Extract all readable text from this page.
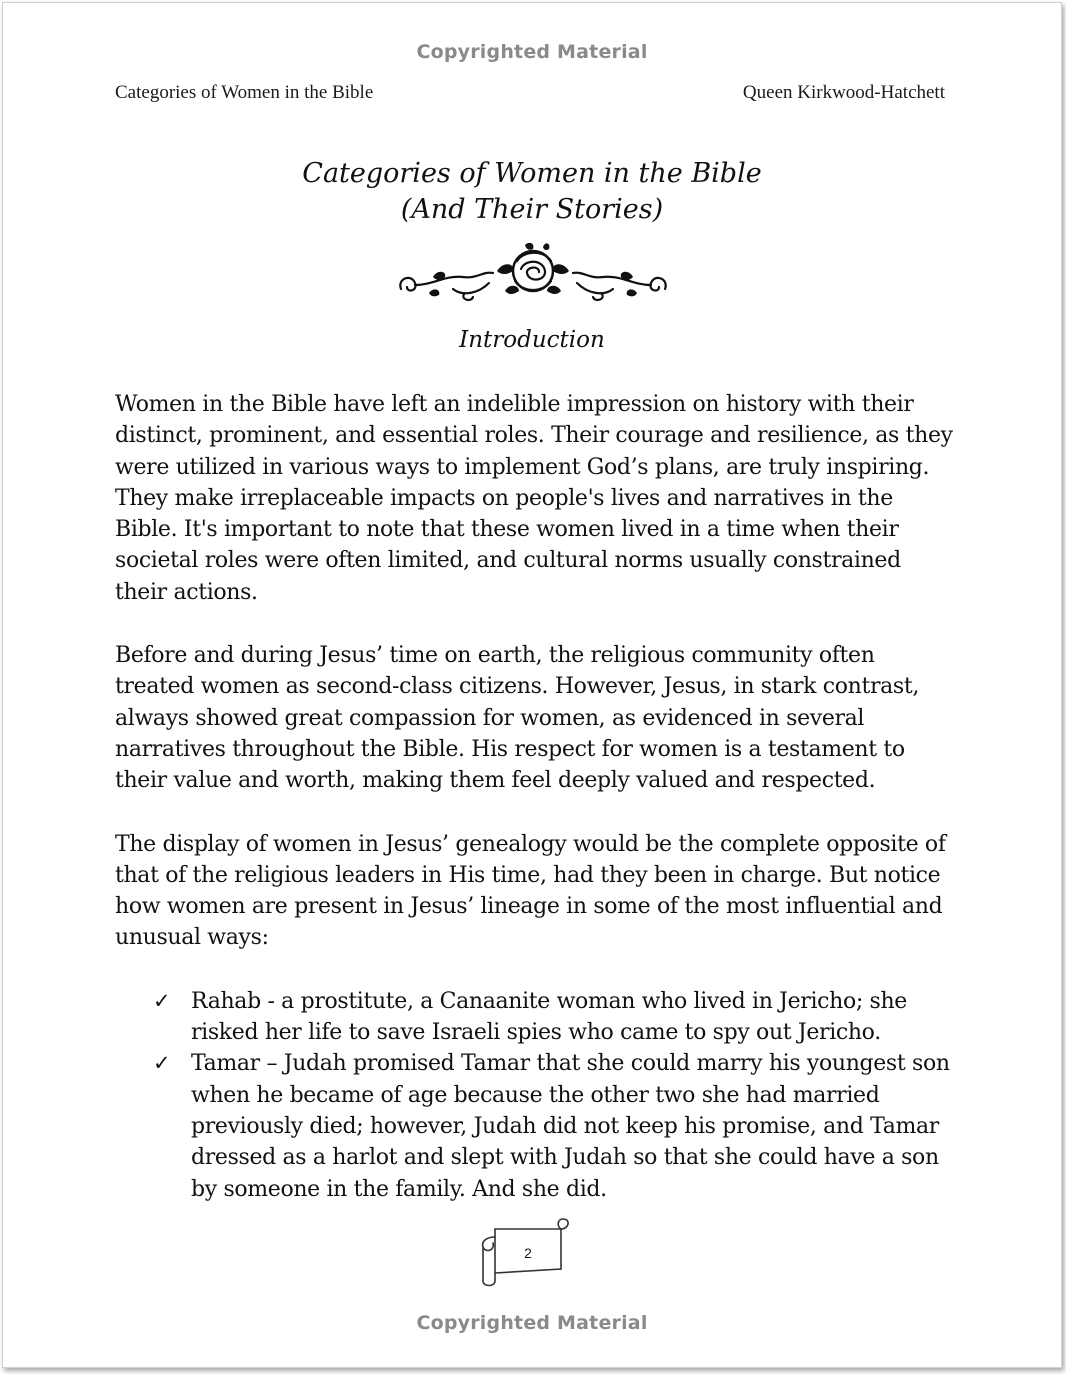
Copyrighted Material
Categories of Women in the Bible	Queen Kirkwood-Hatchett
Categories of Women in the Bible
(And Their Stories)
Introduction

Women in the Bible have left an indelible impression on history with their distinct, prominent, and essential roles. Their courage and resilience, as they were utilized in various ways to implement God’s plans, are truly inspiring. They make irreplaceable impacts on people's lives and narratives in the Bible. It's important to note that these women lived in a time when their societal roles were often limited, and cultural norms usually constrained their actions.

Before and during Jesus’ time on earth, the religious community often treated women as second-class citizens. However, Jesus, in stark contrast, always showed great compassion for women, as evidenced in several narratives throughout the Bible. His respect for women is a testament to their value and worth, making them feel deeply valued and respected.

The display of women in Jesus’ genealogy would be the complete opposite of that of the religious leaders in His time, had they been in charge. But notice how women are present in Jesus’ lineage in some of the most influential and unusual ways:

✓ Rahab - a prostitute, a Canaanite woman who lived in Jericho; she risked her life to save Israeli spies who came to spy out Jericho.
✓ Tamar – Judah promised Tamar that she could marry his youngest son when he became of age because the other two she had married previously died; however, Judah did not keep his promise, and Tamar dressed as a harlot and slept with Judah so that she could have a son by someone in the family. And she did.
2
Copyrighted Material
